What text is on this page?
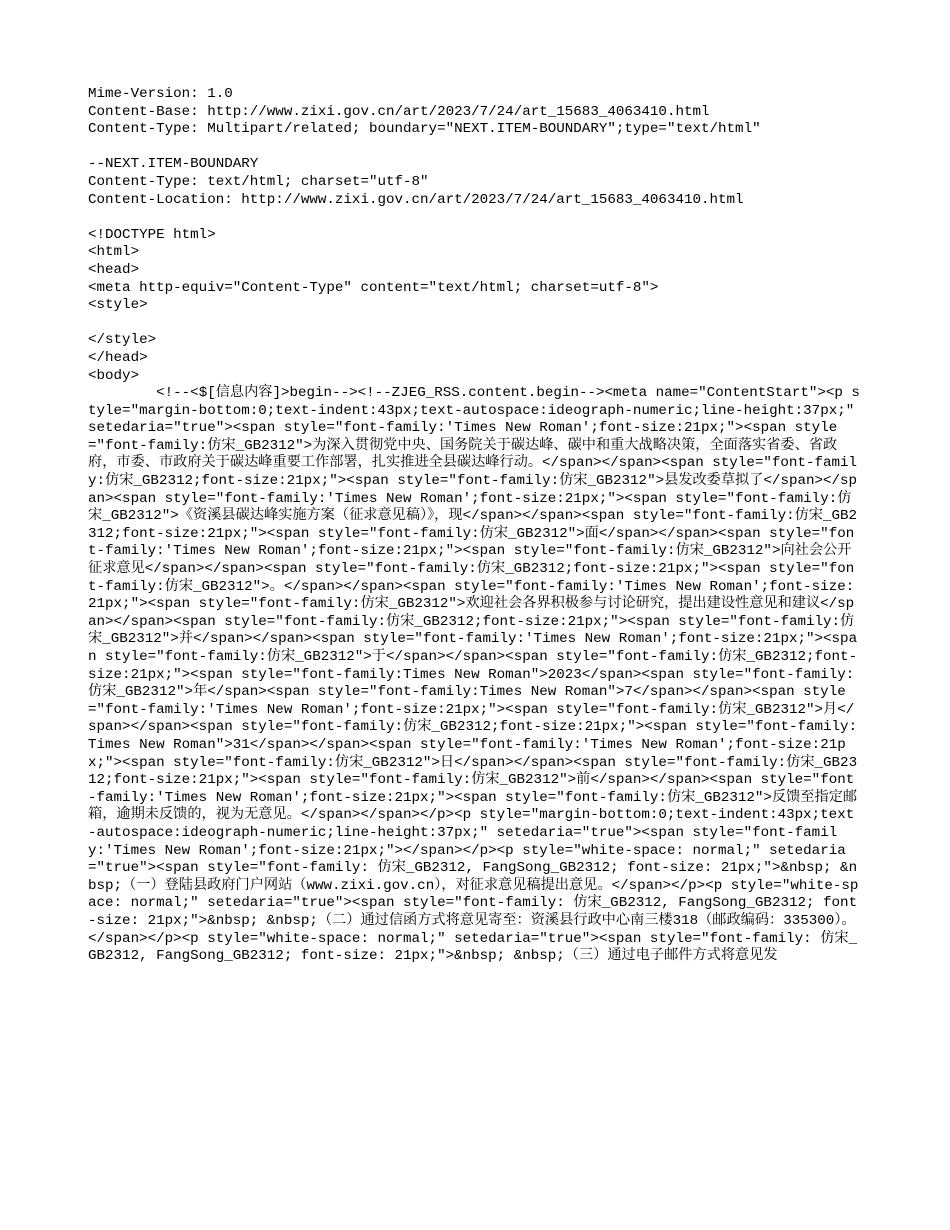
Mime-Version: 1.0
Content-Base: http://www.zixi.gov.cn/art/2023/7/24/art_15683_4063410.html
Content-Type: Multipart/related; boundary="NEXT.ITEM-BOUNDARY";type="text/html"

--NEXT.ITEM-BOUNDARY
Content-Type: text/html; charset="utf-8"
Content-Location: http://www.zixi.gov.cn/art/2023/7/24/art_15683_4063410.html

<!DOCTYPE html>
<html>
<head>
<meta http-equiv="Content-Type" content="text/html; charset=utf-8">
<style>

</style>
</head>
<body>
<!--<$[信息内容]>begin--><!--ZJEG_RSS.content.begin--><meta name="ContentStart"><p style="margin-bottom:0;text-indent:43px;text-autospace:ideograph-numeric;line-height:37px;" setedaria="true"><span style="font-family:'Times New Roman';font-size:21px;"><span style="font-family:仿宋_GB2312">为深入贯彻党中央、国务院关于碳达峰、碳中和重大战略决策，全面落实省委、省政府，市委、市政府关于碳达峰重要工作部署，扎实推进全县碳达峰行动。</span></span><span style="font-family:仿宋_GB2312;font-size:21px;"><span style="font-family:仿宋_GB2312">县发改委草拟了</span></span><span style="font-family:'Times New Roman';font-size:21px;"><span style="font-family:仿宋_GB2312">《资溪县碳达峰实施方案（征求意见稿）》，现</span></span><span style="font-family:仿宋_GB2312;font-size:21px;"><span style="font-family:仿宋_GB2312">面</span></span><span style="font-family:'Times New Roman';font-size:21px;"><span style="font-family:仿宋_GB2312">向社会公开征求意见</span></span><span style="font-family:仿宋_GB2312;font-size:21px;"><span style="font-family:仿宋_GB2312">。</span></span><span style="font-family:'Times New Roman';font-size:21px;"><span style="font-family:仿宋_GB2312">欢迎社会各界积极参与讨论研究，提出建设性意见和建议</span></span><span style="font-family:仿宋_GB2312;font-size:21px;"><span style="font-family:仿宋_GB2312">并</span></span><span style="font-family:'Times New Roman';font-size:21px;"><span style="font-family:仿宋_GB2312">于</span></span><span style="font-family:仿宋_GB2312;font-size:21px;"><span style="font-family:Times New Roman">2023</span><span style="font-family:仿宋_GB2312">年</span><span style="font-family:Times New Roman">7</span></span><span style="font-family:'Times New Roman';font-size:21px;"><span style="font-family:仿宋_GB2312">月</span></span><span style="font-family:仿宋_GB2312;font-size:21px;"><span style="font-family:Times New Roman">31</span></span><span style="font-family:'Times New Roman';font-size:21px;"><span style="font-family:仿宋_GB2312">日</span></span><span style="font-family:仿宋_GB2312;font-size:21px;"><span style="font-family:仿宋_GB2312">前</span></span><span style="font-family:'Times New Roman';font-size:21px;"><span style="font-family:仿宋_GB2312">反馈至指定邮箱，逾期未反馈的，视为无意见。</span></span></p><p style="margin-bottom:0;text-indent:43px;text-autospace:ideograph-numeric;line-height:37px;" setedaria="true"><span style="font-family:'Times New Roman';font-size:21px;"></span></p><p style="white-space: normal;" setedaria="true"><span style="font-family: 仿宋_GB2312, FangSong_GB2312; font-size: 21px;">&nbsp; &nbsp;（一）登陆县政府门户网站（www.zixi.gov.cn），对征求意见稿提出意见。</span></p><p style="white-space: normal;" setedaria="true"><span style="font-family: 仿宋_GB2312, FangSong_GB2312; font-size: 21px;">&nbsp; &nbsp;（二）通过信函方式将意见寄至：资溪县行政中心南三楼318（邮政编码：335300）。</span></p><p style="white-space: normal;" setedaria="true"><span style="font-family: 仿宋_GB2312, FangSong_GB2312; font-size: 21px;">&nbsp; &nbsp;（三）通过电子邮件方式将意见发
